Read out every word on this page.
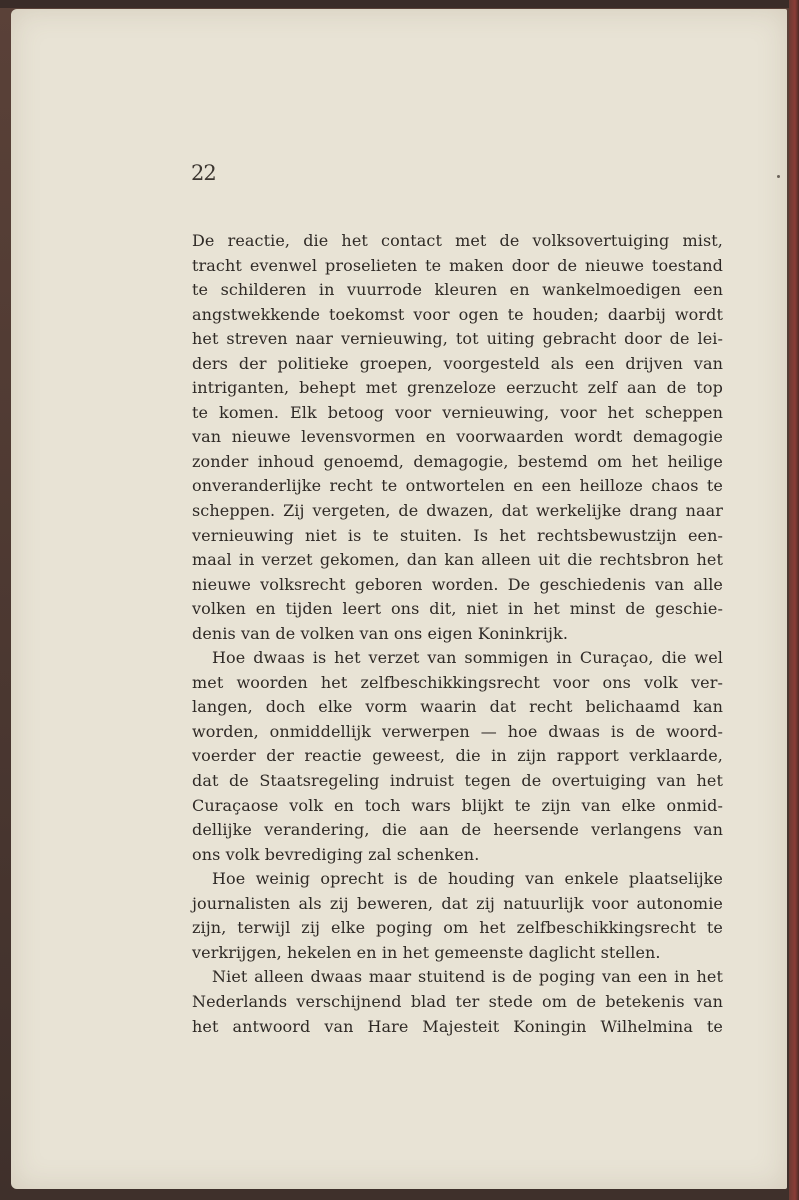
22
De reactie, die het contact met de volksovertuiging mist,
tracht evenwel proselieten te maken door de nieuwe toestand
te schilderen in vuurrode kleuren en wankelmoedigen een
angstwekkende toekomst voor ogen te houden; daarbij wordt
het streven naar vernieuwing, tot uiting gebracht door de lei-
ders der politieke groepen, voorgesteld als een drijven van
intriganten, behept met grenzeloze eerzucht zelf aan de top
te komen. Elk betoog voor vernieuwing, voor het scheppen
van nieuwe levensvormen en voorwaarden wordt demagogie
zonder inhoud genoemd, demagogie, bestemd om het heilige
onveranderlijke recht te ontwortelen en een heilloze chaos te
scheppen. Zij vergeten, de dwazen, dat werkelijke drang naar
vernieuwing niet is te stuiten. Is het rechtsbewustzijn een-
maal in verzet gekomen, dan kan alleen uit die rechtsbron het
nieuwe volksrecht geboren worden. De geschiedenis van alle
volken en tijden leert ons dit, niet in het minst de geschie-
denis van de volken van ons eigen Koninkrijk.
Hoe dwaas is het verzet van sommigen in Curaçao, die wel
met woorden het zelfbeschikkingsrecht voor ons volk ver-
langen, doch elke vorm waarin dat recht belichaamd kan
worden, onmiddellijk verwerpen — hoe dwaas is de woord-
voerder der reactie geweest, die in zijn rapport verklaarde,
dat de Staatsregeling indruist tegen de overtuiging van het
Curaçaose volk en toch wars blijkt te zijn van elke onmid-
dellijke verandering, die aan de heersende verlangens van
ons volk bevrediging zal schenken.
Hoe weinig oprecht is de houding van enkele plaatselijke
journalisten als zij beweren, dat zij natuurlijk voor autonomie
zijn, terwijl zij elke poging om het zelfbeschikkingsrecht te
verkrijgen, hekelen en in het gemeenste daglicht stellen.
Niet alleen dwaas maar stuitend is de poging van een in het
Nederlands verschijnend blad ter stede om de betekenis van
het antwoord van Hare Majesteit Koningin Wilhelmina te
